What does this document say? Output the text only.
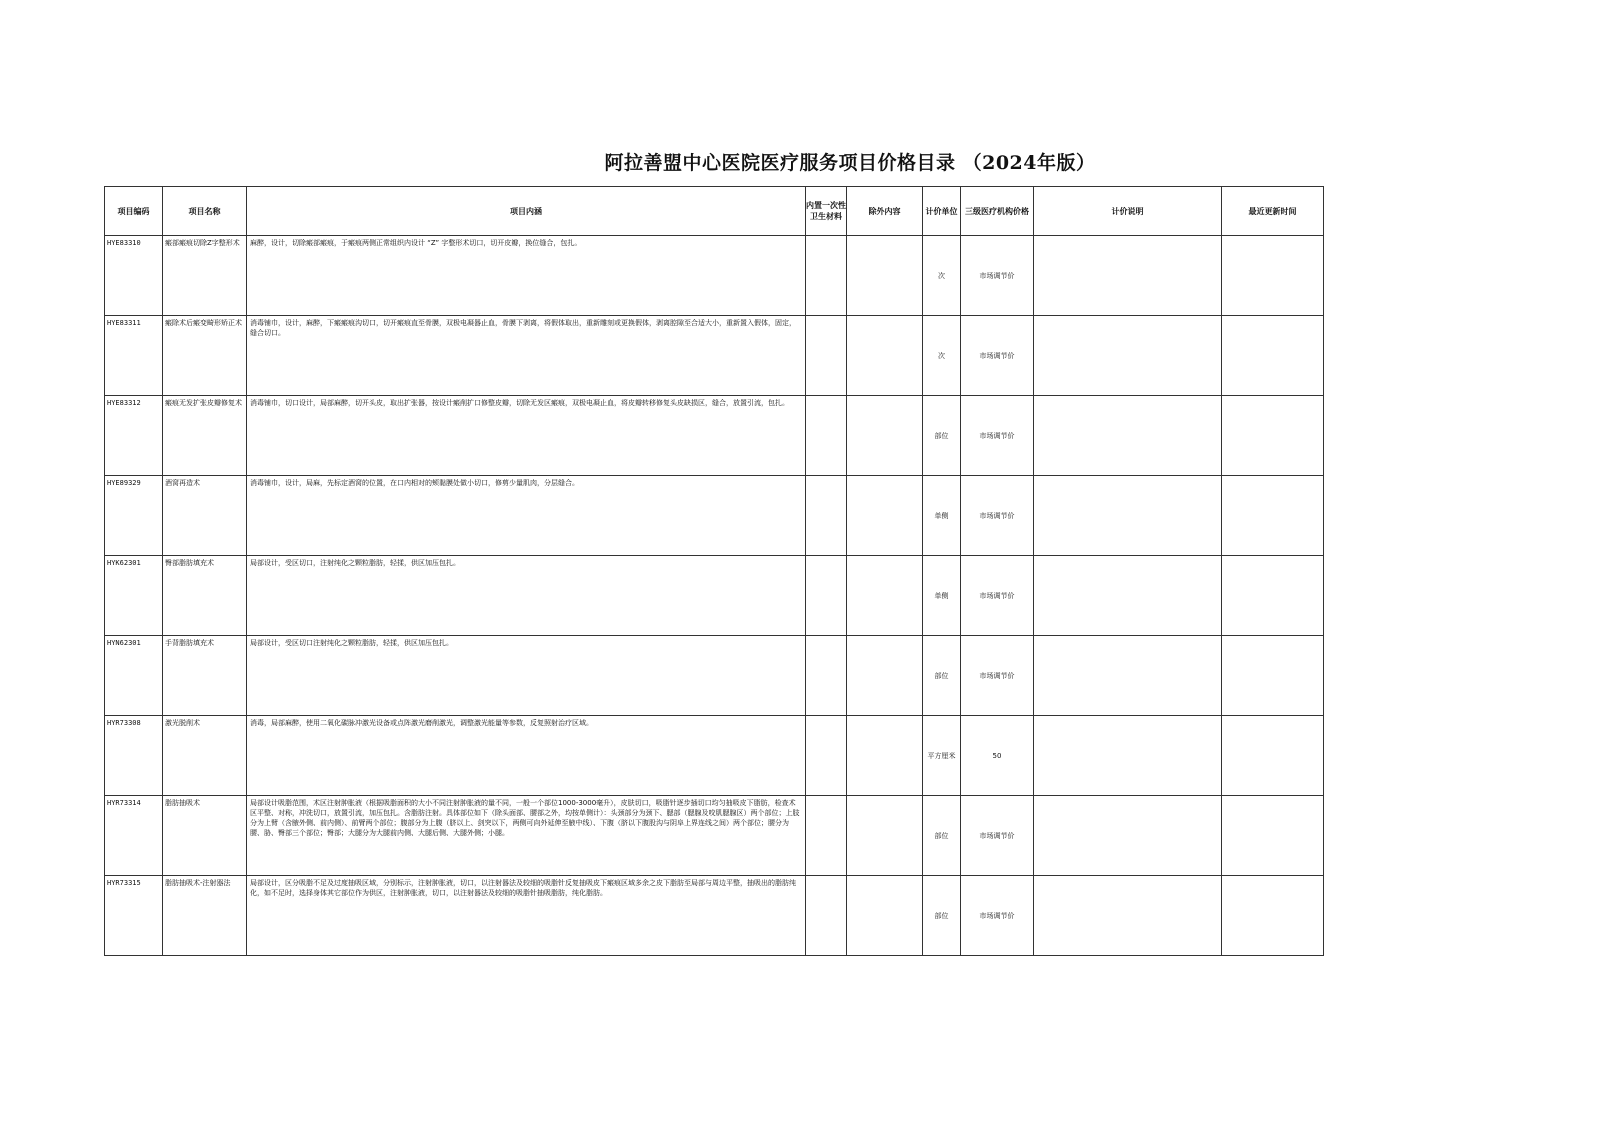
阿拉善盟中心医院医疗服务项目价格目录 （2024年版）
项目编码	项目名称	项目内涵	内置一次性卫生材料	除外内容	计价单位	三级医疗机构价格	计价说明	最近更新时间
HYE83310	瘢部瘢痕切除Z字整形术	麻醉，设计，切除瘢部瘢痕，于瘢痕两侧正常组织内设计 “Z” 字整形术切口，切开皮瓣，换位缝合，包扎。			次	市场调节价		
HYE83311	瘢除术后瘢变畸形矫正术	消毒铺巾，设计，麻醉，下瘢瘢痕沟切口，切开瘢痕直至骨膜，双极电凝器止血，骨膜下剥离，将假体取出，重新雕刻或更换假体，剥离腔隙至合适大小，重新置入假体，固定，缝合切口。			次	市场调节价		
HYE83312	瘢痕无发扩张皮瓣修复术	消毒铺巾，切口设计，局部麻醉，切开头皮，取出扩张器，按设计瘢削扩口修整皮瓣，切除无发区瘢痕，双极电凝止血，将皮瓣转移修复头皮缺损区，缝合，放置引流，包扎。			部位	市场调节价		
HYE89329	酒窝再造术	消毒铺巾，设计，局麻，先标定酒窝的位置，在口内相对的颊黏膜处做小切口，修剪少量肌肉，分层缝合。			单侧	市场调节价		
HYK62301	臀部脂肪填充术	局部设计，受区切口，注射纯化之颗粒脂肪，轻揉，供区加压包扎。			单侧	市场调节价		
HYN62301	手背脂肪填充术	局部设计，受区切口注射纯化之颗粒脂肪，轻揉，供区加压包扎。			部位	市场调节价		
HYR73308	激光脱削术	消毒，局部麻醉，使用二氧化碳脉冲激光设备或点阵激光磨削激光，调整激光能量等参数，反复照射治疗区域。			平方厘米	50		
HYR73314	脂肪抽吸术	局部设计吸脂范围，术区注射肿胀液（根据吸脂面积的大小不同注射肿胀液的量不同，一般一个部位1000-3000毫升），皮肤切口，吸脂针逐步插切口均匀抽吸皮下脂肪，检查术区平整、对称，冲洗切口，放置引流，加压包扎。含脂肪注射。具体部位如下（除头面部、腰部之外，均按单侧计）：头颈部分为颈下、腮部（腮腺及咬肌腮腺区）两个部位；上肢分为上臂（含腋外侧、前内侧）、前臂两个部位；腹部分为上腹（脐以上、剑突以下，两侧可向外延伸至腋中线）、下腹（脐以下腹股沟与阴阜上界连线之间）两个部位；腰分为腰、胁、臀部三个部位；臀部；大腿分为大腿前内侧、大腿后侧、大腿外侧；小腿。			部位	市场调节价		
HYR73315	脂肪抽吸术-注射器法	局部设计，区分吸脂不足及过度抽吸区域，分别标示，注射肿胀液，切口，以注射器法及较细的吸脂针反复抽吸皮下瘢痕区域多余之皮下脂肪至局部与周边平整，抽吸出的脂肪纯化，如不足时，选择身体其它部位作为供区，注射肿胀液，切口，以注射器法及较细的吸脂针抽吸脂肪，纯化脂肪。			部位	市场调节价		
